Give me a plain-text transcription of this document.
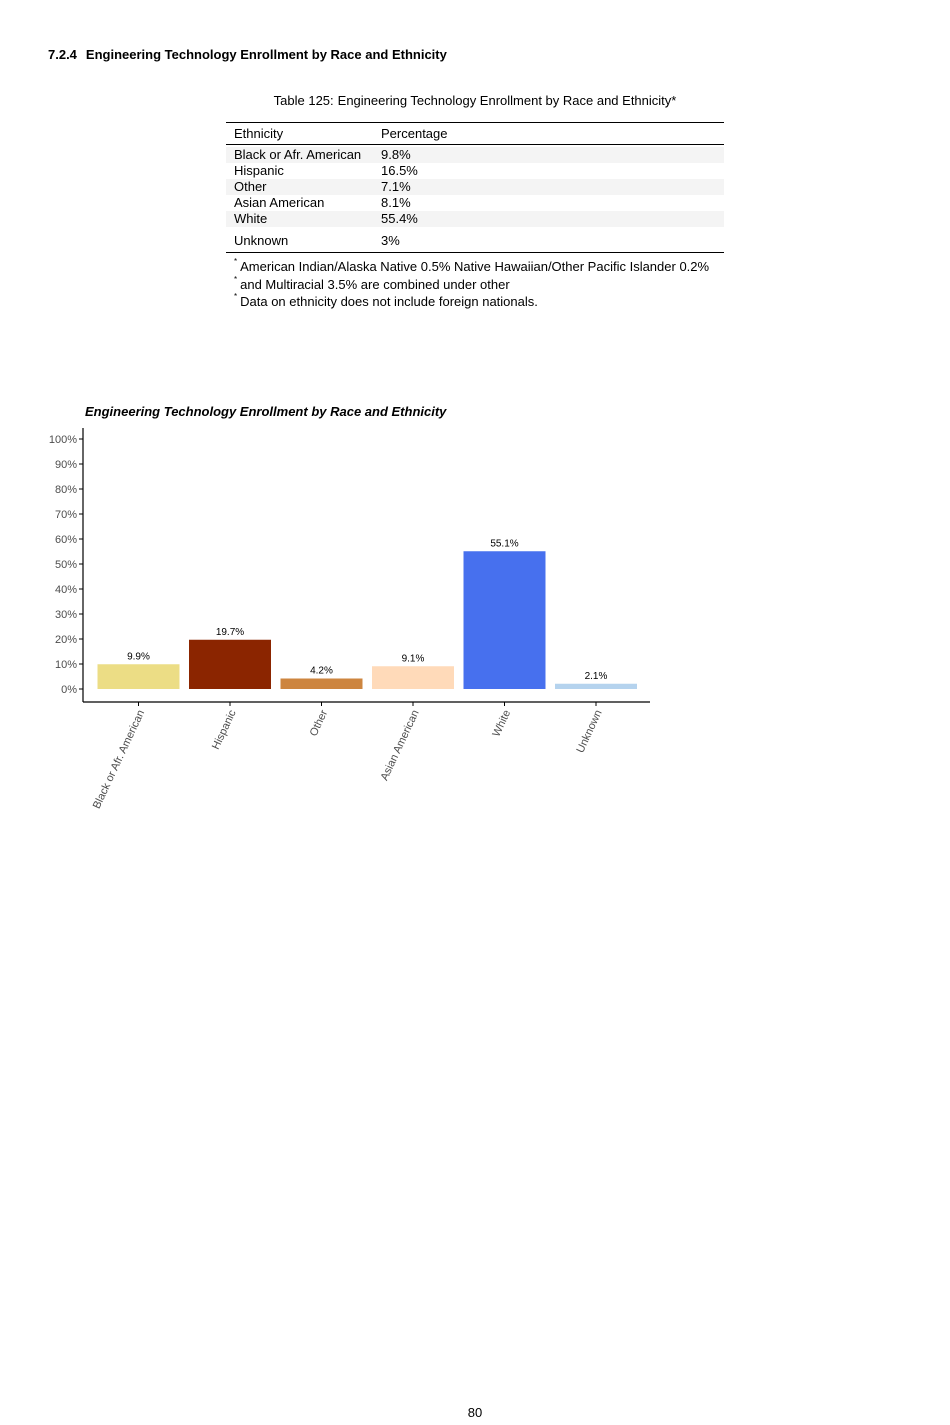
7.2.4 Engineering Technology Enrollment by Race and Ethnicity
Table 125: Engineering Technology Enrollment by Race and Ethnicity*
Ethnicity	Percentage

Black or Afr. American	9.8%
Hispanic	16.5%
Other	7.1%
Asian American	8.1%
White	55.4%
Unknown	3%
* American Indian/Alaska Native 0.5% Native Hawaiian/Other Pacific Islander 0.2%
* and Multiracial 3.5% are combined under other
* Data on ethnicity does not include foreign nationals.
Engineering Technology Enrollment by Race and Ethnicity
0%
10%
20%
30%
40%
50%
60%
70%
80%
90%
100%
9.9%
Black or Afr. American
19.7%
Hispanic
4.2%
Other
9.1%
Asian American
55.1%
White
2.1%
Unknown
80
